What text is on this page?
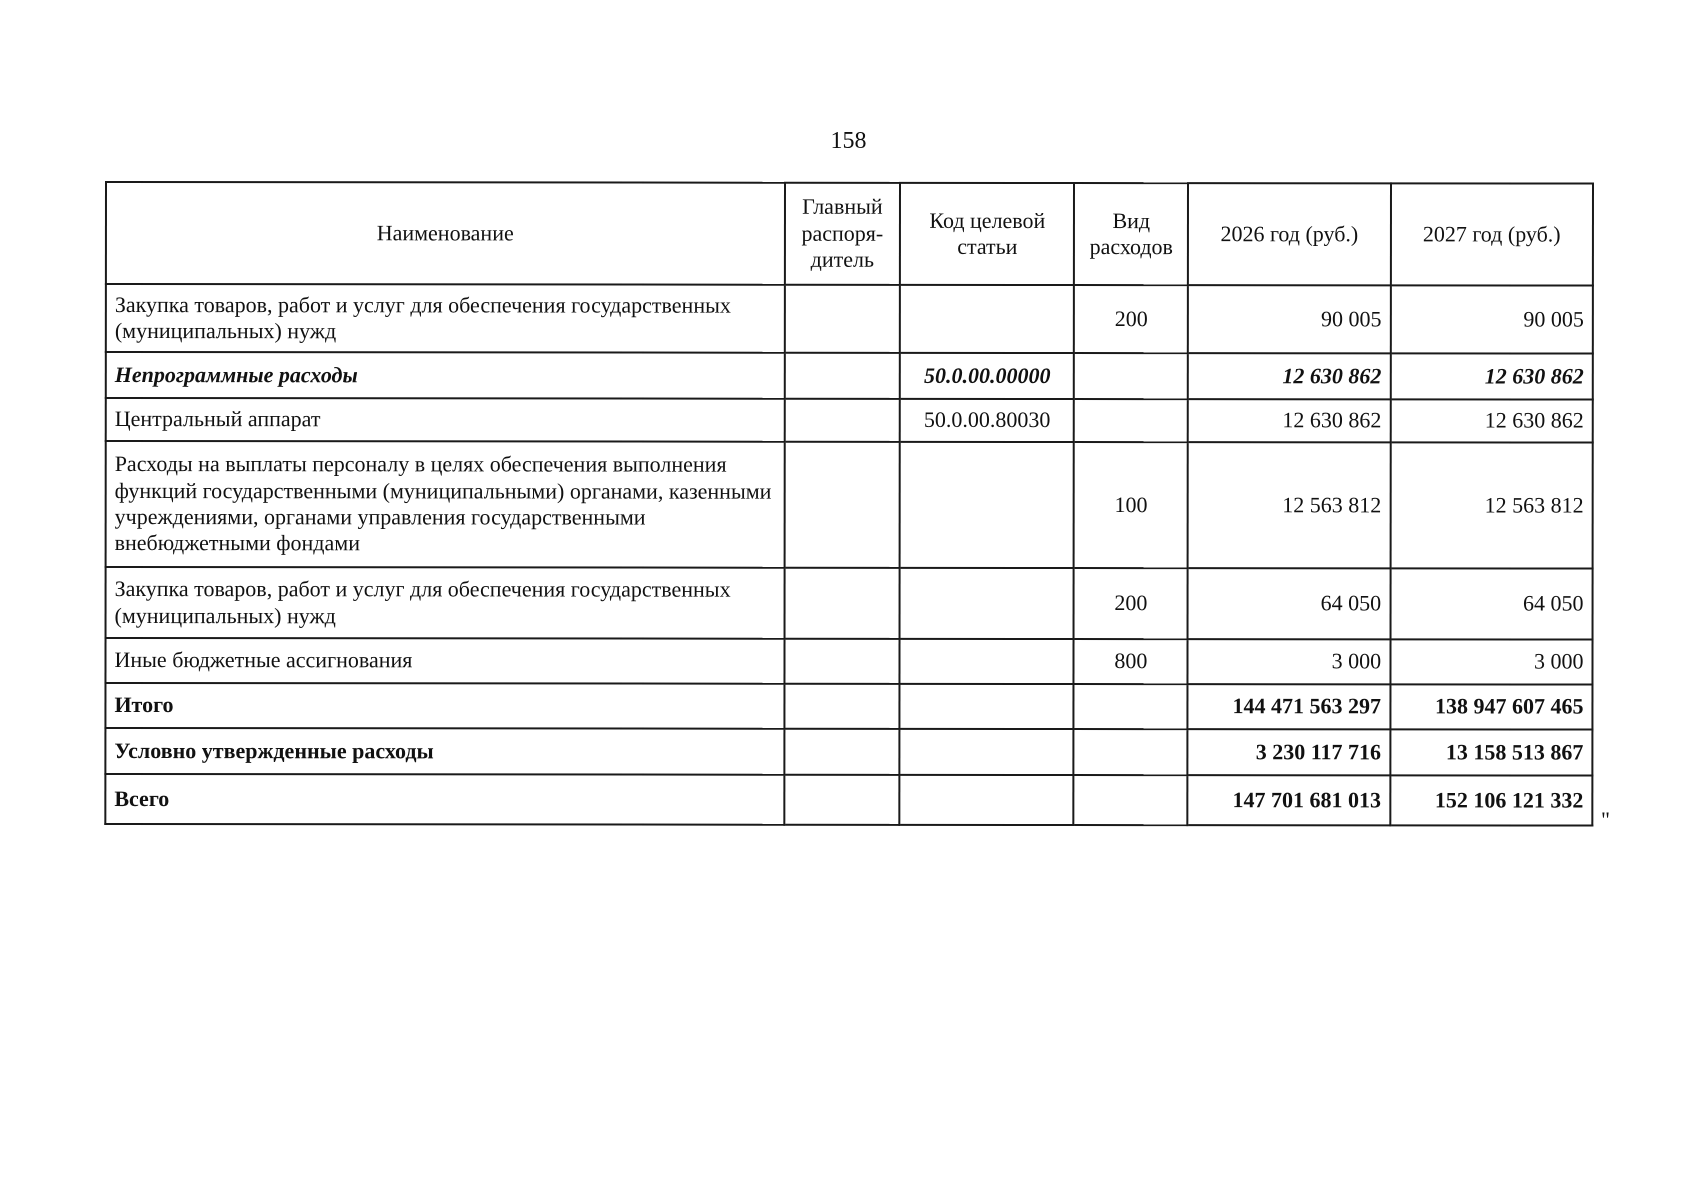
158
Наименование	Главный распоря-дитель	Код целевой статьи	Вид расходов	2026 год (руб.)	2027 год (руб.)
Закупка товаров, работ и услуг для обеспечения государственных (муниципальных) нужд			200	90 005	90 005
Непрограммные расходы		50.0.00.00000		12 630 862	12 630 862
Центральный аппарат		50.0.00.80030		12 630 862	12 630 862
Расходы на выплаты персоналу в целях обеспечения выполнения функций государственными (муниципальными) органами, казенными учреждениями, органами управления государственными внебюджетными фондами			100	12 563 812	12 563 812
Закупка товаров, работ и услуг для обеспечения государственных (муниципальных) нужд			200	64 050	64 050
Иные бюджетные ассигнования			800	3 000	3 000
Итого				144 471 563 297	138 947 607 465
Условно утвержденные расходы				3 230 117 716	13 158 513 867
Всего				147 701 681 013	152 106 121 332
"
